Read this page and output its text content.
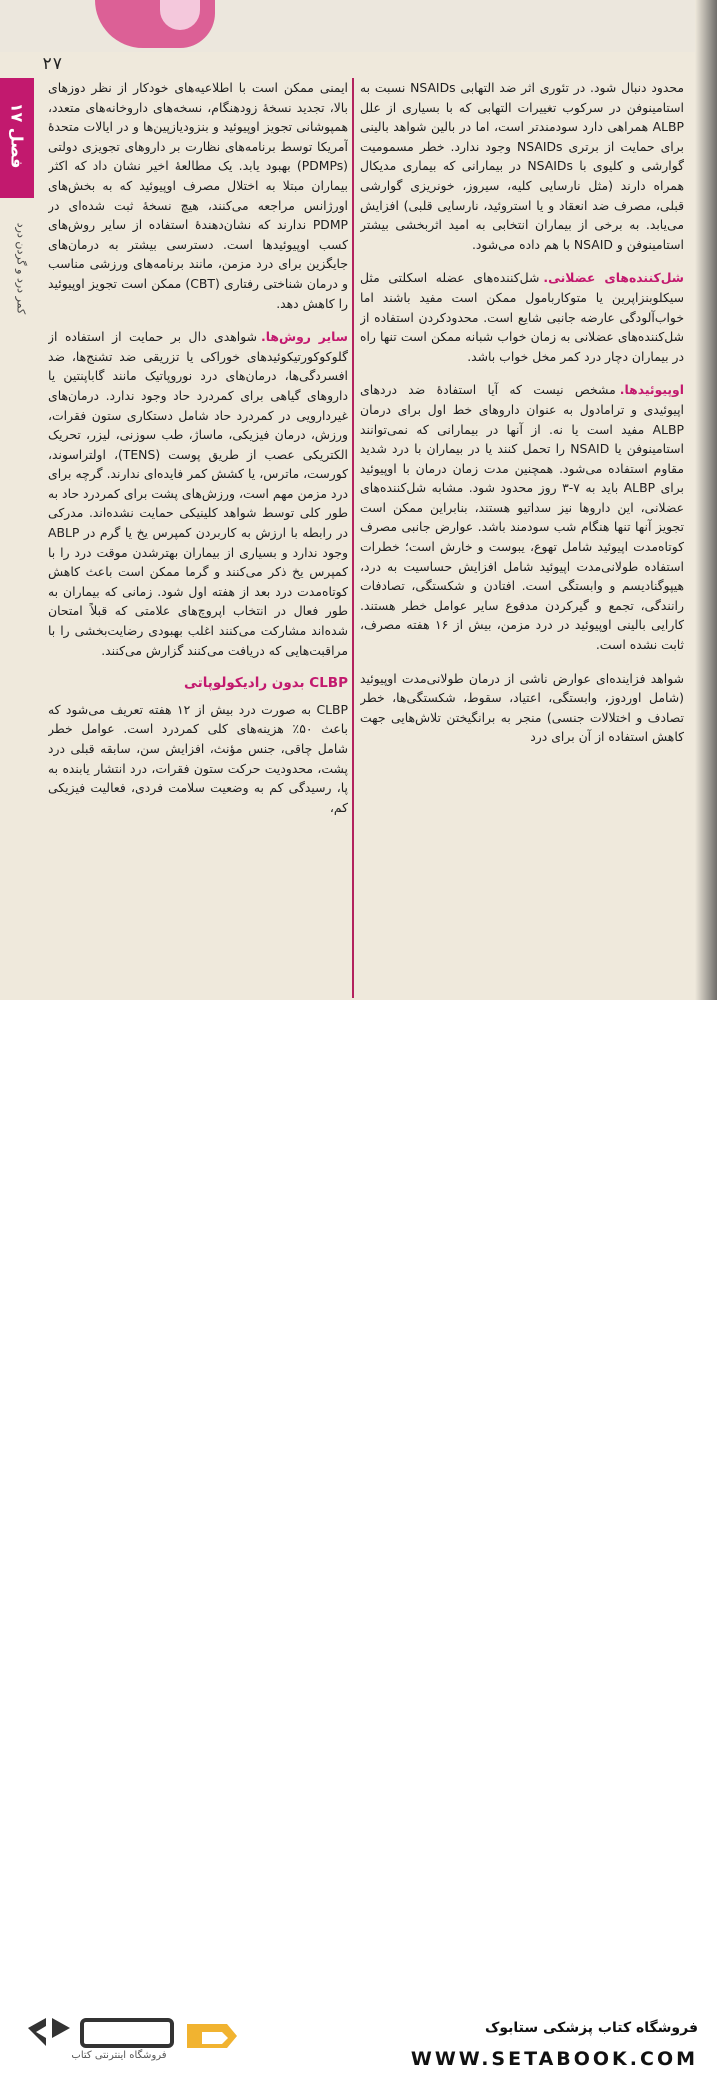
۲۷
فصل ۱۷
کمر درد و گردن درد

ایمنی ممکن است با اطلاعیه‌های خودکار از نظر دوزهای بالا، تجدید نسخهٔ زودهنگام، نسخه‌های داروخانه‌های متعدد، همپوشانی تجویز اوپیوئید و بنزودیازپین‌ها و در ایالات متحدهٔ آمریکا توسط برنامه‌های نظارت بر داروهای تجویزی دولتی (PDMPs) بهبود یابد. یک مطالعهٔ اخیر نشان داد که اکثر بیماران مبتلا به اختلال مصرف اوپیوئید که به بخش‌های اورژانس مراجعه می‌کنند، هیچ نسخهٔ ثبت شده‌ای در PDMP ندارند که نشان‌دهندهٔ استفاده از سایر روش‌های کسب اوپیوئیدها است. دسترسی بیشتر به درمان‌های جایگزین برای درد مزمن، مانند برنامه‌های ورزشی مناسب و درمان شناختی رفتاری (CBT) ممکن است تجویز اوپیوئید را کاهش دهد.

سایر روش‌ها.شواهدی دال بر حمایت از استفاده از گلوکوکورتیکوئیدهای خوراکی یا تزریقی ضد تشنج‌ها، ضد افسردگی‌ها، درمان‌های درد نوروپاتیک مانند گاباپنتین یا داروهای گیاهی برای کمردرد حاد وجود ندارد. درمان‌های غیردارویی در کمردرد حاد شامل دستکاری ستون فقرات، ورزش، درمان فیزیکی، ماساژ، طب سوزنی، لیزر، تحریک الکتریکی عصب از طریق پوست (TENS)، اولتراسوند، کورست، ماترس، یا کشش کمر فایده‌ای ندارند. گرچه برای درد مزمن مهم است، ورزش‌های پشت برای کمردرد حاد به طور کلی توسط شواهد کلینیکی حمایت نشده‌اند. مدرکی در رابطه با ارزش به کاربردن کمپرس یخ یا گرم در ABLP وجود ندارد و بسیاری از بیماران بهترشدن موقت درد را با کمپرس یخ ذکر می‌کنند و گرما ممکن است باعث کاهش کوتاه‌مدت درد بعد از هفته اول شود. زمانی که بیماران به طور فعال در انتخاب اپروچ‌های علامتی که قبلاً امتحان شده‌اند مشارکت می‌کنند اغلب بهبودی رضایت‌بخشی را با مراقبت‌هایی که دریافت می‌کنند گزارش می‌کنند.

CLBP بدون رادیکولوپاتی

CLBP به صورت درد بیش از ۱۲ هفته تعریف می‌شود که باعث ۵۰٪ هزینه‌های کلی کمردرد است. عوامل خطر شامل چاقی، جنس مؤنث، افزایش سن، سابقه قبلی درد پشت، محدودیت حرکت ستون فقرات، درد انتشار یابنده به پا، رسیدگی کم به وضعیت سلامت فردی، فعالیت فیزیکی کم،

محدود دنبال شود. در تئوری اثر ضد التهابی NSAIDs نسبت به استامینوفن در سرکوب تغییرات التهابی که با بسیاری از علل ALBP همراهی دارد سودمندتر است، اما در بالین شواهد بالینی برای حمایت از برتری NSAIDs وجود ندارد. خطر مسمومیت گوارشی و کلیوی با NSAIDs در بیمارانی که بیماری مدیکال همراه دارند (مثل نارسایی کلیه، سیروز، خونریزی گوارشی قبلی، مصرف ضد انعقاد و یا استروئید، نارسایی قلبی) افزایش می‌یابد. به برخی از بیماران انتخابی به امید اثربخشی بیشتر استامینوفن و NSAID با هم داده می‌شود.

شل‌کننده‌های عضلانی.شل‌کننده‌های عضله اسکلتی مثل سیکلوبنزاپرین یا متوکاربامول ممکن است مفید باشند اما خواب‌آلودگی عارضه جانبی شایع است. محدودکردن استفاده از شل‌کننده‌های عضلانی به زمان خواب شبانه ممکن است تنها راه در بیماران دچار درد کمر مخل خواب باشد.

اوپیوئیدها.مشخص نیست که آیا استفادهٔ ضد دردهای اپیوئیدی و ترامادول به عنوان داروهای خط اول برای درمان ALBP مفید است یا نه. از آنها در بیمارانی که نمی‌توانند استامینوفن یا NSAID را تحمل کنند یا در بیماران با درد شدید مقاوم استفاده می‌شود. همچنین مدت زمان درمان با اوپیوئید برای ALBP باید به ۷-۳ روز محدود شود. مشابه شل‌کننده‌های عضلانی، این داروها نیز سداتیو هستند، بنابراین ممکن است تجویز آنها تنها هنگام شب سودمند باشد. عوارض جانبی مصرف کوتاه‌مدت اپیوئید شامل تهوع، یبوست و خارش است؛ خطرات استفاده طولانی‌مدت اپیوئید شامل افزایش حساسیت به درد، هیپوگنادیسم و وابستگی است. افتادن و شکستگی، تصادفات رانندگی، تجمع و گیرکردن مدفوع سایر عوامل خطر هستند. کارایی بالینی اوپیوئید در درد مزمن، بیش از ۱۶ هفته مصرف، ثابت نشده است.

شواهد فزاینده‌ای عوارض ناشی از درمان طولانی‌مدت اوپیوئید (شامل اوردوز، وابستگی، اعتیاد، سقوط، شکستگی‌ها، خطر تصادف و اختلالات جنسی) منجر به برانگیختن تلاش‌هایی جهت کاهش استفاده از آن برای درد

فروشگاه اینترنتی کتاب
فروشگاه کتاب پزشکی ستابوک
WWW.SETABOOK.COM
